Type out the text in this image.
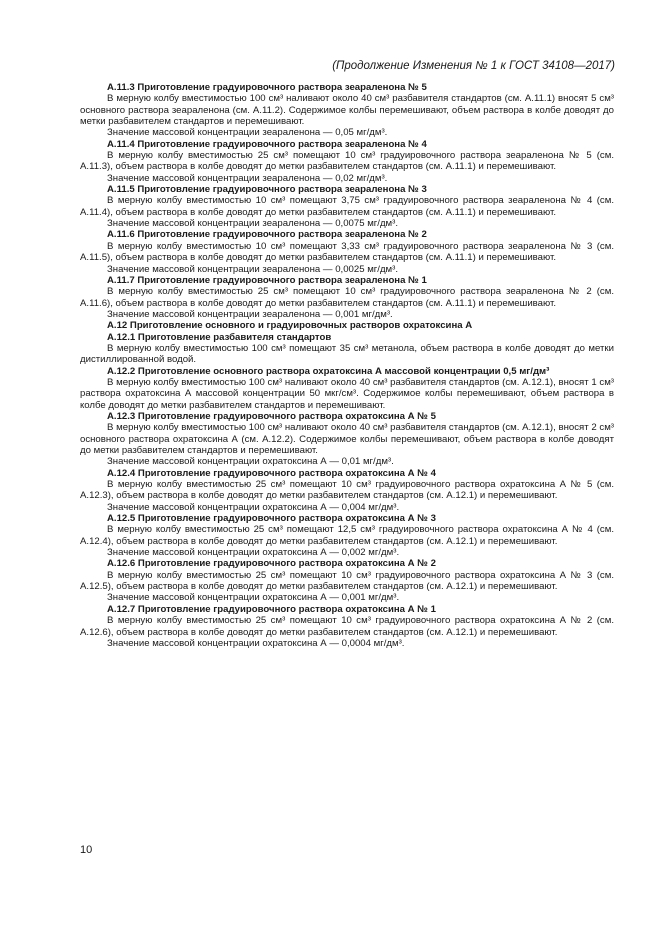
(Продолжение Изменения № 1 к ГОСТ 34108—2017)

А.11.3 Приготовление градуировочного раствора зеараленона № 5

В мерную колбу вместимостью 100 см³ наливают около 40 см³ разбавителя стандартов (см. А.11.1) вносят 5 см³ основного раствора зеараленона (см. А.11.2). Содержимое колбы перемешивают, объем раствора в колбе доводят до метки разбавителем стандартов и перемешивают.

Значение массовой концентрации зеараленона — 0,05 мг/дм³.

А.11.4 Приготовление градуировочного раствора зеараленона № 4

В мерную колбу вместимостью 25 см³ помещают 10 см³ градуировочного раствора зеараленона № 5 (см. А.11.3), объем раствора в колбе доводят до метки разбавителем стандартов (см. А.11.1) и перемешивают.

Значение массовой концентрации зеараленона — 0,02 мг/дм³.

А.11.5 Приготовление градуировочного раствора зеараленона № 3

В мерную колбу вместимостью 10 см³ помещают 3,75 см³ градуировочного раствора зеараленона № 4 (см. А.11.4), объем раствора в колбе доводят до метки разбавителем стандартов (см. А.11.1) и перемешивают.

Значение массовой концентрации зеараленона — 0,0075 мг/дм³.

А.11.6 Приготовление градуировочного раствора зеараленона № 2

В мерную колбу вместимостью 10 см³ помещают 3,33 см³ градуировочного раствора зеараленона № 3 (см. А.11.5), объем раствора в колбе доводят до метки разбавителем стандартов (см. А.11.1) и перемешивают.

Значение массовой концентрации зеараленона — 0,0025 мг/дм³.

А.11.7 Приготовление градуировочного раствора зеараленона № 1

В мерную колбу вместимостью 25 см³ помещают 10 см³ градуировочного раствора зеараленона № 2 (см. А.11.6), объем раствора в колбе доводят до метки разбавителем стандартов (см. А.11.1) и перемешивают.

Значение массовой концентрации зеараленона — 0,001 мг/дм³.

А.12 Приготовление основного и градуировочных растворов охратоксина А

А.12.1 Приготовление разбавителя стандартов

В мерную колбу вместимостью 100 см³ помещают 35 см³ метанола, объем раствора в колбе доводят до метки дистиллированной водой.

А.12.2 Приготовление основного раствора охратоксина А массовой концентрации 0,5 мг/дм³

В мерную колбу вместимостью 100 см³ наливают около 40 см³ разбавителя стандартов (см. А.12.1), вносят 1 см³ раствора охратоксина А массовой концентрации 50 мкг/см³. Содержимое колбы перемешивают, объем раствора в колбе доводят до метки разбавителем стандартов и перемешивают.

А.12.3 Приготовление градуировочного раствора охратоксина А № 5

В мерную колбу вместимостью 100 см³ наливают около 40 см³ разбавителя стандартов (см. А.12.1), вносят 2 см³ основного раствора охратоксина А (см. А.12.2). Содержимое колбы перемешивают, объем раствора в колбе доводят до метки разбавителем стандартов и перемешивают.

Значение массовой концентрации охратоксина А — 0,01 мг/дм³.

А.12.4 Приготовление градуировочного раствора охратоксина А № 4

В мерную колбу вместимостью 25 см³ помещают 10 см³ градуировочного раствора охратоксина А № 5 (см. А.12.3), объем раствора в колбе доводят до метки разбавителем стандартов (см. А.12.1) и перемешивают.

Значение массовой концентрации охратоксина А — 0,004 мг/дм³.

А.12.5 Приготовление градуировочного раствора охратоксина А № 3

В мерную колбу вместимостью 25 см³ помещают 12,5 см³ градуировочного раствора охратоксина А № 4 (см. А.12.4), объем раствора в колбе доводят до метки разбавителем стандартов (см. А.12.1) и перемешивают.

Значение массовой концентрации охратоксина А — 0,002 мг/дм³.

А.12.6 Приготовление градуировочного раствора охратоксина А № 2

В мерную колбу вместимостью 25 см³ помещают 10 см³ градуировочного раствора охратоксина А № 3 (см. А.12.5), объем раствора в колбе доводят до метки разбавителем стандартов (см. А.12.1) и перемешивают.

Значение массовой концентрации охратоксина А — 0,001 мг/дм³.

А.12.7 Приготовление градуировочного раствора охратоксина А № 1

В мерную колбу вместимостью 25 см³ помещают 10 см³ градуировочного раствора охратоксина А № 2 (см. А.12.6), объем раствора в колбе доводят до метки разбавителем стандартов (см. А.12.1) и перемешивают.

Значение массовой концентрации охратоксина А — 0,0004 мг/дм³.

10
